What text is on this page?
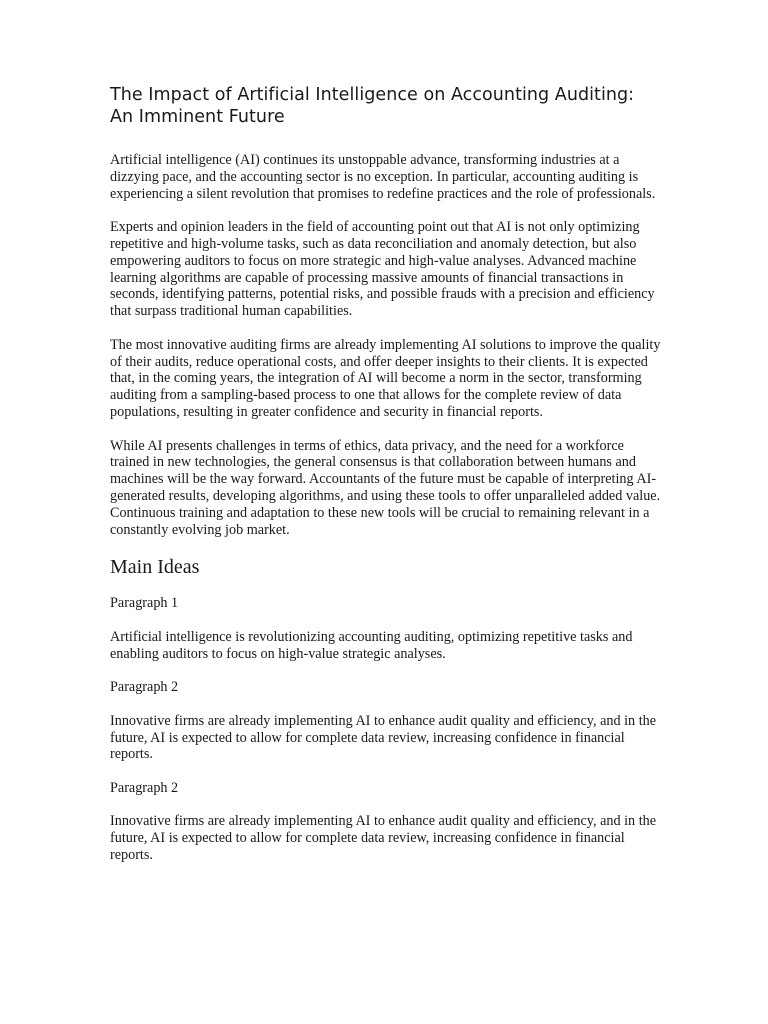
The Impact of Artificial Intelligence on Accounting Auditing: An Imminent Future

Artificial intelligence (AI) continues its unstoppable advance, transforming industries at a dizzying pace, and the accounting sector is no exception. In particular, accounting auditing is experiencing a silent revolution that promises to redefine practices and the role of professionals.

Experts and opinion leaders in the field of accounting point out that AI is not only optimizing repetitive and high-volume tasks, such as data reconciliation and anomaly detection, but also empowering auditors to focus on more strategic and high-value analyses. Advanced machine learning algorithms are capable of processing massive amounts of financial transactions in seconds, identifying patterns, potential risks, and possible frauds with a precision and efficiency that surpass traditional human capabilities.

The most innovative auditing firms are already implementing AI solutions to improve the quality of their audits, reduce operational costs, and offer deeper insights to their clients. It is expected that, in the coming years, the integration of AI will become a norm in the sector, transforming auditing from a sampling-based process to one that allows for the complete review of data populations, resulting in greater confidence and security in financial reports.

While AI presents challenges in terms of ethics, data privacy, and the need for a workforce trained in new technologies, the general consensus is that collaboration between humans and machines will be the way forward. Accountants of the future must be capable of interpreting AI-generated results, developing algorithms, and using these tools to offer unparalleled added value. Continuous training and adaptation to these new tools will be crucial to remaining relevant in a constantly evolving job market.

Main Ideas

Paragraph 1

Artificial intelligence is revolutionizing accounting auditing, optimizing repetitive tasks and enabling auditors to focus on high-value strategic analyses.

Paragraph 2

Innovative firms are already implementing AI to enhance audit quality and efficiency, and in the future, AI is expected to allow for complete data review, increasing confidence in financial reports.

Paragraph 2

Innovative firms are already implementing AI to enhance audit quality and efficiency, and in the future, AI is expected to allow for complete data review, increasing confidence in financial reports.
